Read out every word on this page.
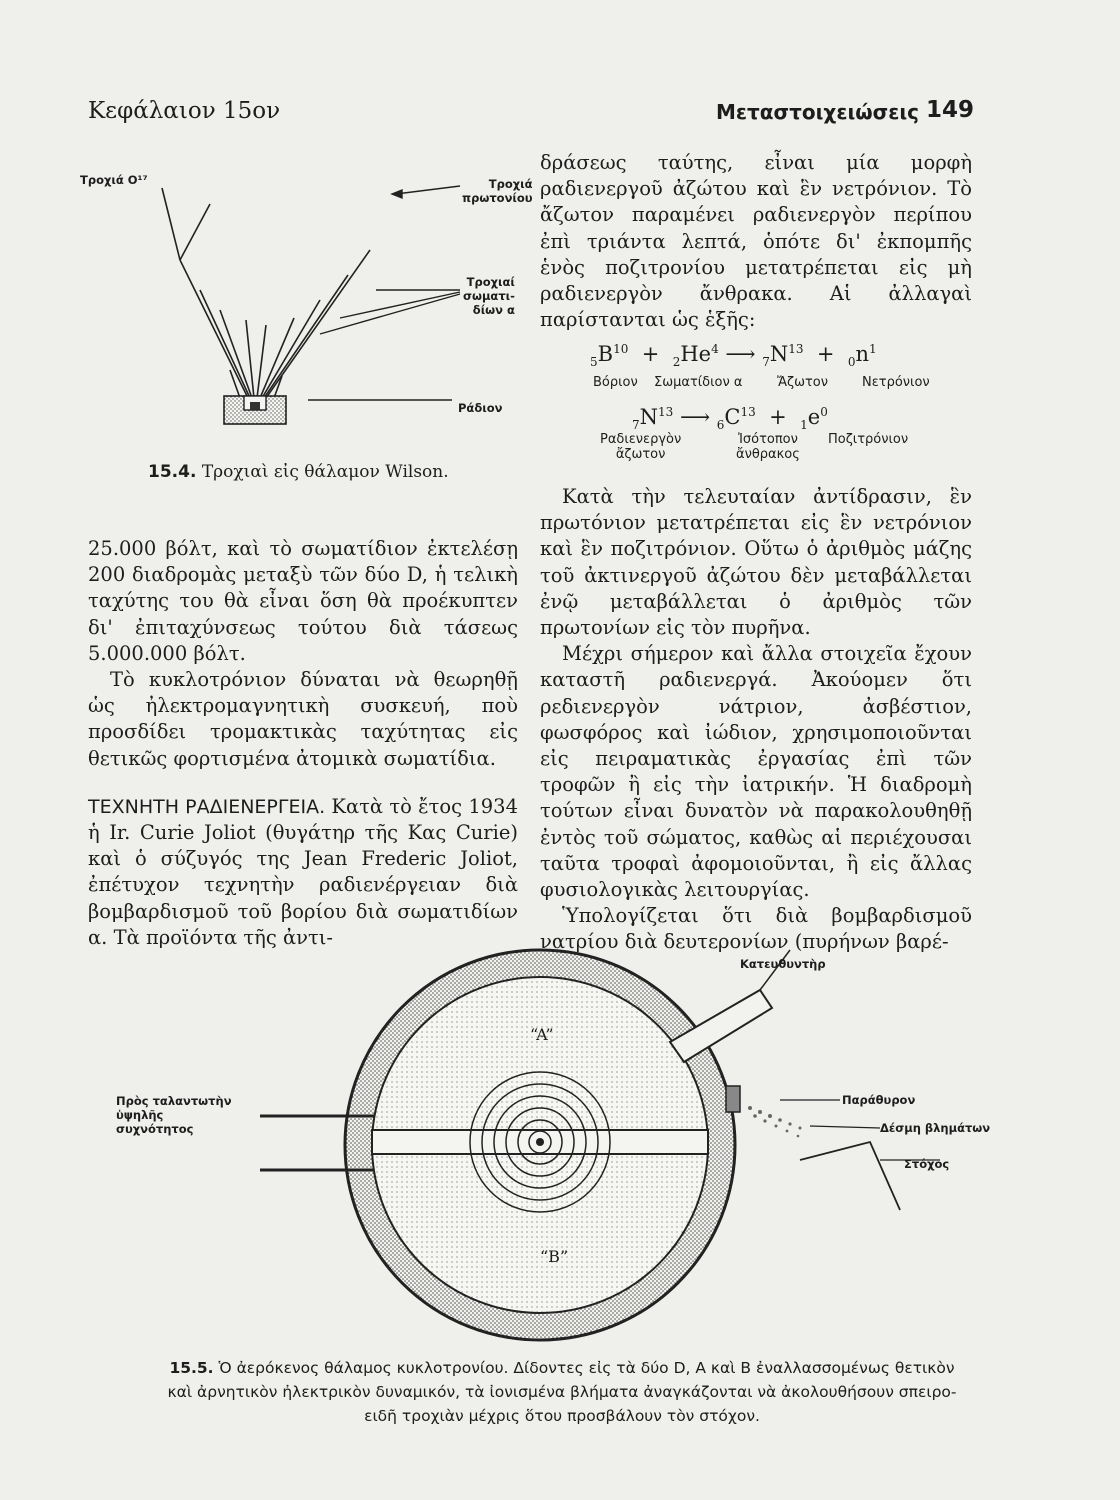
Κεφάλαιον 15ον	Μεταστοιχειώσεις 149
Τροχιά O¹⁷	Τροχιά
πρωτονίου
Τροχιαί
σωματι-
δίων α
Ράδιον
15.4. Τροχιαὶ εἰς θάλαμον Wilson.

25.000 βόλτ, καὶ τὸ σωματίδιον ἐκτελέσῃ 200 διαδρομὰς μεταξὺ τῶν δύο D, ἡ τελικὴ ταχύτης του θὰ εἶναι ὅση θὰ προέκυπτεν δι' ἐπιταχύνσεως τούτου διὰ τάσεως 5.000.000 βόλτ.

Τὸ κυκλοτρόνιον δύναται νὰ θεωρηθῇ ὡς ἠλεκτρομαγνητικὴ συσκευή, ποὺ προσδίδει τρομακτικὰς ταχύτητας εἰς θετικῶς φορτισμένα ἀτομικὰ σωματίδια.

ΤΕΧΝΗΤΗ ΡΑΔΙΕΝΕΡΓΕΙΑ. Κατὰ τὸ ἔτος 1934 ἡ Ir. Curie Joliot (θυγάτηρ τῆς Κας Curie) καὶ ὁ σύζυγός της Jean Frederic Joliot, ἐπέτυχον τεχνητὴν ραδιενέργειαν διὰ βομβαρδισμοῦ τοῦ βορίου διὰ σωματιδίων α. Τὰ προϊόντα τῆς ἀντι-

δράσεως ταύτης, εἶναι μία μορφὴ ραδιενεργοῦ ἀζώτου καὶ ἓν νετρόνιον. Τὸ ἄζωτον παραμένει ραδιενεργὸν περίπου ἐπὶ τριάντα λεπτά, ὁπότε δι' ἐκπομπῆς ἑνὸς ποζιτρονίου μετατρέπεται εἰς μὴ ραδιενεργὸν ἄνθρακα. Αἱ ἀλλαγαὶ παρίστανται ὡς ἑξῆς:

$_5B^{10} + _2He^4$ ⟶ $_7N^{13} + _0n^1$
Βόριον Σωματίδιον α	Ἄζωτον	Νετρόνιον
$_7N^{13}$ ⟶ $_6C^{13} + _1e^0$
Ραδιενεργὸν
ἄζωτον
Ἰσότοπον
ἄνθρακος
Ποζιτρόνιον

Κατὰ τὴν τελευταίαν ἀντίδρασιν, ἓν πρωτόνιον μετατρέπεται εἰς ἓν νετρόνιον καὶ ἓν ποζιτρόνιον. Οὕτω ὁ ἀριθμὸς μάζης τοῦ ἀκτινεργοῦ ἀζώτου δὲν μεταβάλλεται ἐνῷ μεταβάλλεται ὁ ἀριθμὸς τῶν πρωτονίων εἰς τὸν πυρῆνα.

Μέχρι σήμερον καὶ ἄλλα στοιχεῖα ἔχουν καταστῆ ραδιενεργά. Ἀκούομεν ὅτι ρεδιενεργὸν νάτριον, ἀσβέστιον, φωσφόρος καὶ ἰώδιον, χρησιμοποιοῦνται εἰς πειραματικὰς ἐργασίας ἐπὶ τῶν τροφῶν ἢ εἰς τὴν ἰατρικήν. Ἡ διαδρομὴ τούτων εἶναι δυνατὸν νὰ παρακολουθηθῇ ἐντὸς τοῦ σώματος, καθὼς αἱ περιέχουσαι ταῦτα τροφαὶ ἀφομοιοῦνται, ἢ εἰς ἄλλας φυσιολογικὰς λειτουργίας.

Ὑπολογίζεται ὅτι διὰ βομβαρδισμοῦ νατρίου διὰ δευτερονίων (πυρήνων βαρέ-

Κατευθυντὴρ
Παράθυρον
Δέσμη βλημάτων
Στόχος
Πρὸς ταλαντωτὴν
ὑψηλῆς
συχνότητος
“A”
“B”
15.5. Ὁ ἀερόκενος θάλαμος κυκλοτρονίου. Δίδοντες εἰς τὰ δύο D, A καὶ B ἐναλλασσομένως θετικὸν
καὶ ἀρνητικὸν ἠλεκτρικὸν δυναμικόν, τὰ ἰονισμένα βλήματα ἀναγκάζονται νὰ ἀκολουθήσουν σπειρο-
ειδῆ τροχιὰν μέχρις ὅτου προσβάλουν τὸν στόχον.
